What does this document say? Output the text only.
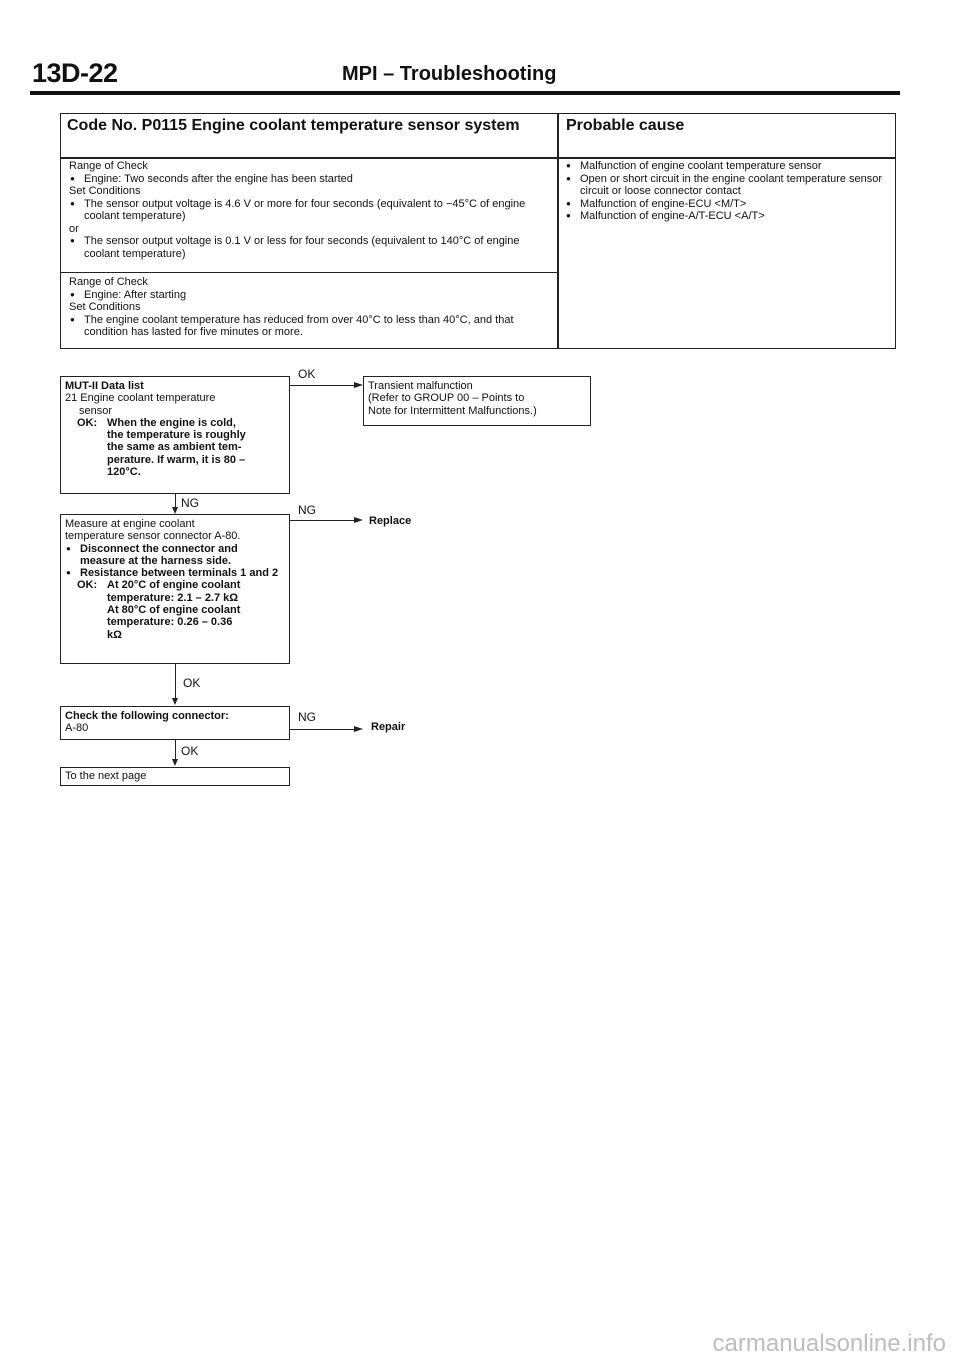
13D-22	MPI – Troubleshooting
Code No. P0115 Engine coolant temperature sensor system	Probable cause
Range of Check
● Engine: Two seconds after the engine has been started
Set Conditions
● The sensor output voltage is 4.6 V or more for four seconds (equivalent to −45°C of engine coolant temperature)
or
● The sensor output voltage is 0.1 V or less for four seconds (equivalent to 140°C of engine coolant temperature)
Range of Check
● Engine: After starting
Set Conditions
● The engine coolant temperature has reduced from over 40°C to less than 40°C, and that condition has lasted for five minutes or more.
● Malfunction of engine coolant temperature sensor
● Open or short circuit in the engine coolant temperature sensor circuit or loose connector contact
● Malfunction of engine-ECU <M/T>
● Malfunction of engine-A/T-ECU <A/T>
MUT-II Data list
21 Engine coolant temperature
sensor
OK: When the engine is cold,
the temperature is roughly
the same as ambient tem-
perature. If warm, it is 80 –
120°C.
Measure at engine coolant
temperature sensor connector A-80.
● Disconnect the connector and measure at the harness side.
● Resistance between terminals 1 and 2
OK: At 20°C of engine coolant
temperature: 2.1 – 2.7 kΩ
At 80°C of engine coolant
temperature: 0.26 – 0.36
kΩ
Check the following connector:
A-80
To the next page
Transient malfunction
(Refer to GROUP 00 – Points to
Note for Intermittent Malfunctions.)
OK
NG	NG
Replace
OK
NG
Repair
OK
carmanualsonline.info
